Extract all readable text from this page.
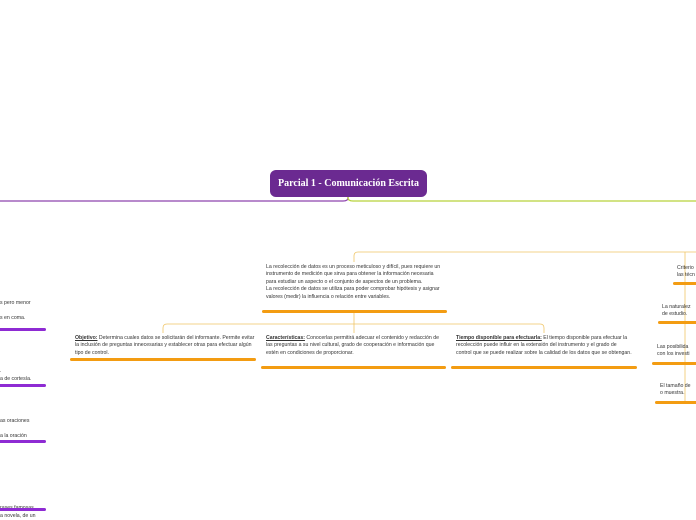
Parcial 1 - Comunicación Escrita
La recolección de datos es un proceso meticuloso y difícil, pues requiere un instrumento de medición que sirva para obtener la información necesaria para estudiar un aspecto o el conjunto de aspectos de un problema.
La recolección de datos se utiliza para poder comprobar hipótesis y asignar valores (medir) la influencia o relación entre variables.
Objetivo: Determina cuales datos se solicitarán del informante. Permite evitar la inclusión de preguntas innecesarias y establecer otras para efectuar algún tipo de control.
Características: Conocerlas permitirá adecuar el contenido y redacción de las preguntas a su nivel cultural, grado de cooperación e información que estén en condiciones de proporcionar.
Tiempo disponible para efectuarla: El tiempo disponible para efectuar la recolección puede influir en la extensión del instrumento y el grado de control que se puede realizar sobre la calidad de los datos que se obtengan.
s pero menor
s en coma.
.
a de cortesía.
as oraciones
a la oración

a novela, de un
Criterio
las técn
La naturalez
de estudio.
Las posibilida
con los investi
El tamaño de
o muestra.
